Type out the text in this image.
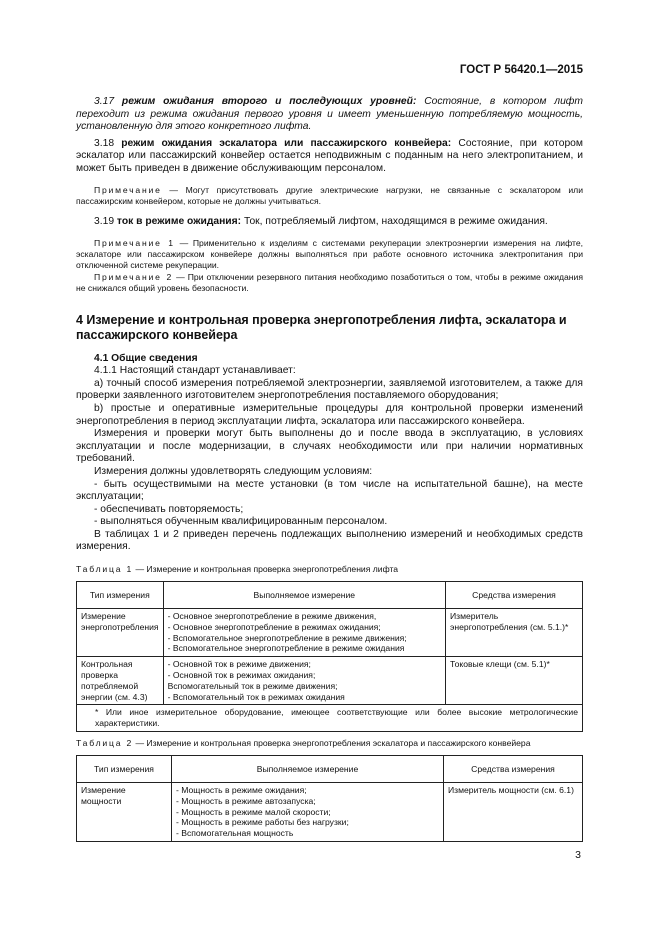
ГОСТ Р 56420.1—2015

3.17 режим ожидания второго и последующих уровней: Состояние, в котором лифт переходит из режима ожидания первого уровня и имеет уменьшенную потребляемую мощность, установленную для этого конкретного лифта.

3.18 режим ожидания эскалатора или пассажирского конвейера: Состояние, при котором эскалатор или пассажирский конвейер остается неподвижным с поданным на него электропитанием, и может быть приведен в движение обслуживающим персоналом.

Примечание — Могут присутствовать другие электрические нагрузки, не связанные с эскалатором или пассажирским конвейером, которые не должны учитываться.

3.19 ток в режиме ожидания: Ток, потребляемый лифтом, находящимся в режиме ожидания.

Примечание 1 — Применительно к изделиям с системами рекуперации электроэнергии измерения на лифте, эскалаторе или пассажирском конвейере должны выполняться при работе основного источника электропитания при отключенной системе рекуперации.

Примечание 2 — При отключении резервного питания необходимо позаботиться о том, чтобы в режиме ожидания не снижался общий уровень безопасности.

4 Измерение и контрольная проверка энергопотребления лифта, эскалатора и пассажирского конвейера

4.1 Общие сведения

4.1.1 Настоящий стандарт устанавливает:

a) точный способ измерения потребляемой электроэнергии, заявляемой изготовителем, а также для проверки заявленного изготовителем энергопотребления поставляемого оборудования;

b) простые и оперативные измерительные процедуры для контрольной проверки изменений энергопотребления в период эксплуатации лифта, эскалатора или пассажирского конвейера.

Измерения и проверки могут быть выполнены до и после ввода в эксплуатацию, в условиях эксплуатации и после модернизации, в случаях необходимости или при наличии нормативных требований.

Измерения должны удовлетворять следующим условиям:

- быть осуществимыми на месте установки (в том числе на испытательной башне), на месте эксплуатации;

- обеспечивать повторяемость;

- выполняться обученным квалифицированным персоналом.

В таблицах 1 и 2 приведен перечень подлежащих выполнению измерений и необходимых средств измерения.

Таблица 1 — Измерение и контрольная проверка энергопотребления лифта

Тип измерения	Выполняемое измерение	Средства измерения
Измерение энергопотребления	- Основное энергопотребление в режиме движения,
- Основное энергопотребление в режимах ожидания;
- Вспомогательное энергопотребление в режиме движения;
- Вспомогательное энергопотребление в режиме ожидания	Измеритель энергопотребления (см. 5.1.)*
Контрольная проверка потребляемой энергии (см. 4.3)	- Основной ток в режиме движения;
- Основной ток в режимах ожидания;
Вспомогательный ток в режиме движения;
- Вспомогательный ток в режимах ожидания	Токовые клещи (см. 5.1)*
* Или иное измерительное оборудование, имеющее соответствующие или более высокие метрологические характеристики.		

Таблица 2 — Измерение и контрольная проверка энергопотребления эскалатора и пассажирского конвейера

Тип измерения	Выполняемое измерение	Средства измерения
Измерение мощности	- Мощность в режиме ожидания;
- Мощность в режиме автозапуска;
- Мощность в режиме малой скорости;
- Мощность в режиме работы без нагрузки;
- Вспомогательная мощность	Измеритель мощности (см. 6.1)
3
